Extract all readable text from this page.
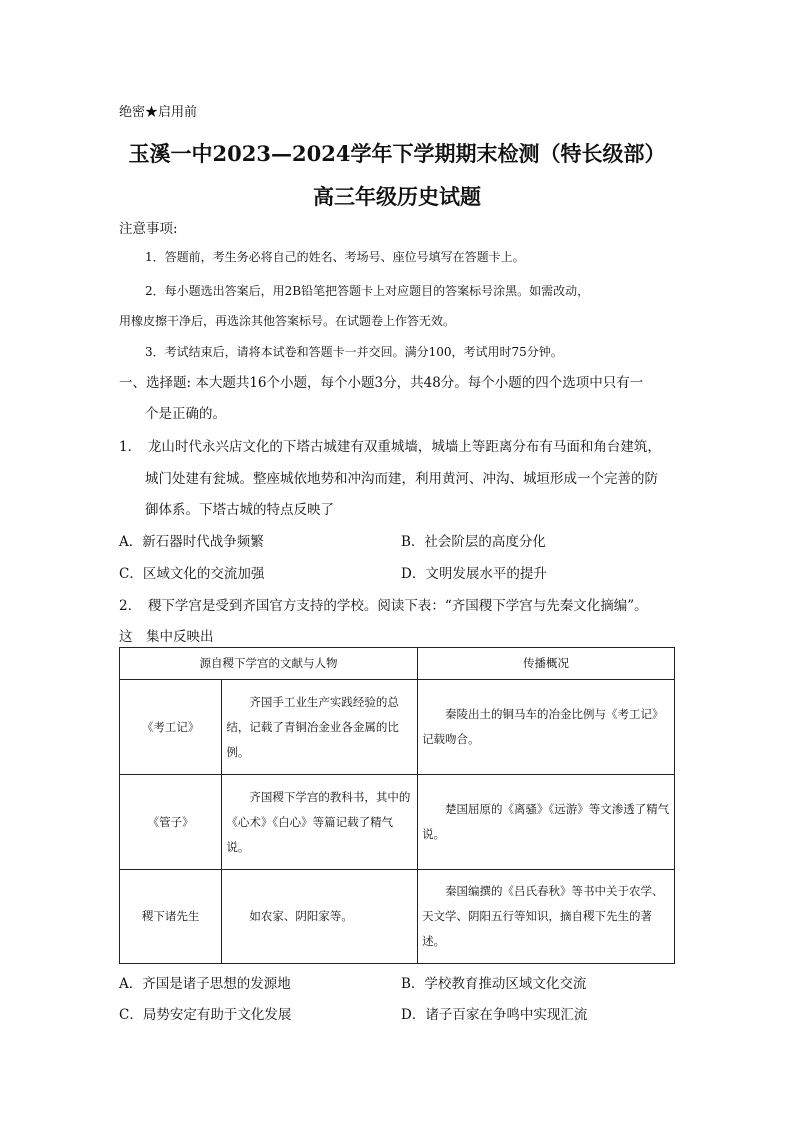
绝密★启用前
玉溪一中2023—2024学年下学期期末检测（特长级部）
高三年级历史试题
注意事项:
1．答题前，考生务必将自己的姓名、考场号、座位号填写在答题卡上。
2．每小题选出答案后，用2B铅笔把答题卡上对应题目的答案标号涂黑。如需改动，
用橡皮擦干净后，再选涂其他答案标号。在试题卷上作答无效。
3．考试结束后，请将本试卷和答题卡一并交回。满分100，考试用时75分钟。
一、选择题: 本大题共16个小题，每个小题3分，共48分。每个小题的四个选项中只有一
个是正确的。
1．　龙山时代永兴店文化的下塔古城建有双重城墙，城墙上等距离分布有马面和角台建筑，
城门处建有瓮城。整座城依地势和冲沟而建，利用黄河、冲沟、城垣形成一个完善的防
御体系。下塔古城的特点反映了
A．新石器时代战争频繁	B．社会阶层的高度分化
C．区域文化的交流加强	D．文明发展水平的提升
2．　稷下学宫是受到齐国官方支持的学校。阅读下表：“齐国稷下学宫与先秦文化摘编”。
这　集中反映出
源自稷下学宫的文献与人物		传播概况
《考工记》	齐国手工业生产实践经验的总结，记载了青铜冶金业各金属的比例。	秦陵出土的铜马车的冶金比例与《考工记》记载吻合。
《管子》	齐国稷下学宫的教科书，其中的《心术》《白心》等篇记载了精气说。	楚国屈原的《离骚》《远游》等文渗透了精气说。
稷下诸先生	如农家、阴阳家等。	秦国编撰的《吕氏春秋》等书中关于农学、天文学、阴阳五行等知识，摘自稷下先生的著述。
A．齐国是诸子思想的发源地	B．学校教育推动区域文化交流
C．局势安定有助于文化发展	D．诸子百家在争鸣中实现汇流
